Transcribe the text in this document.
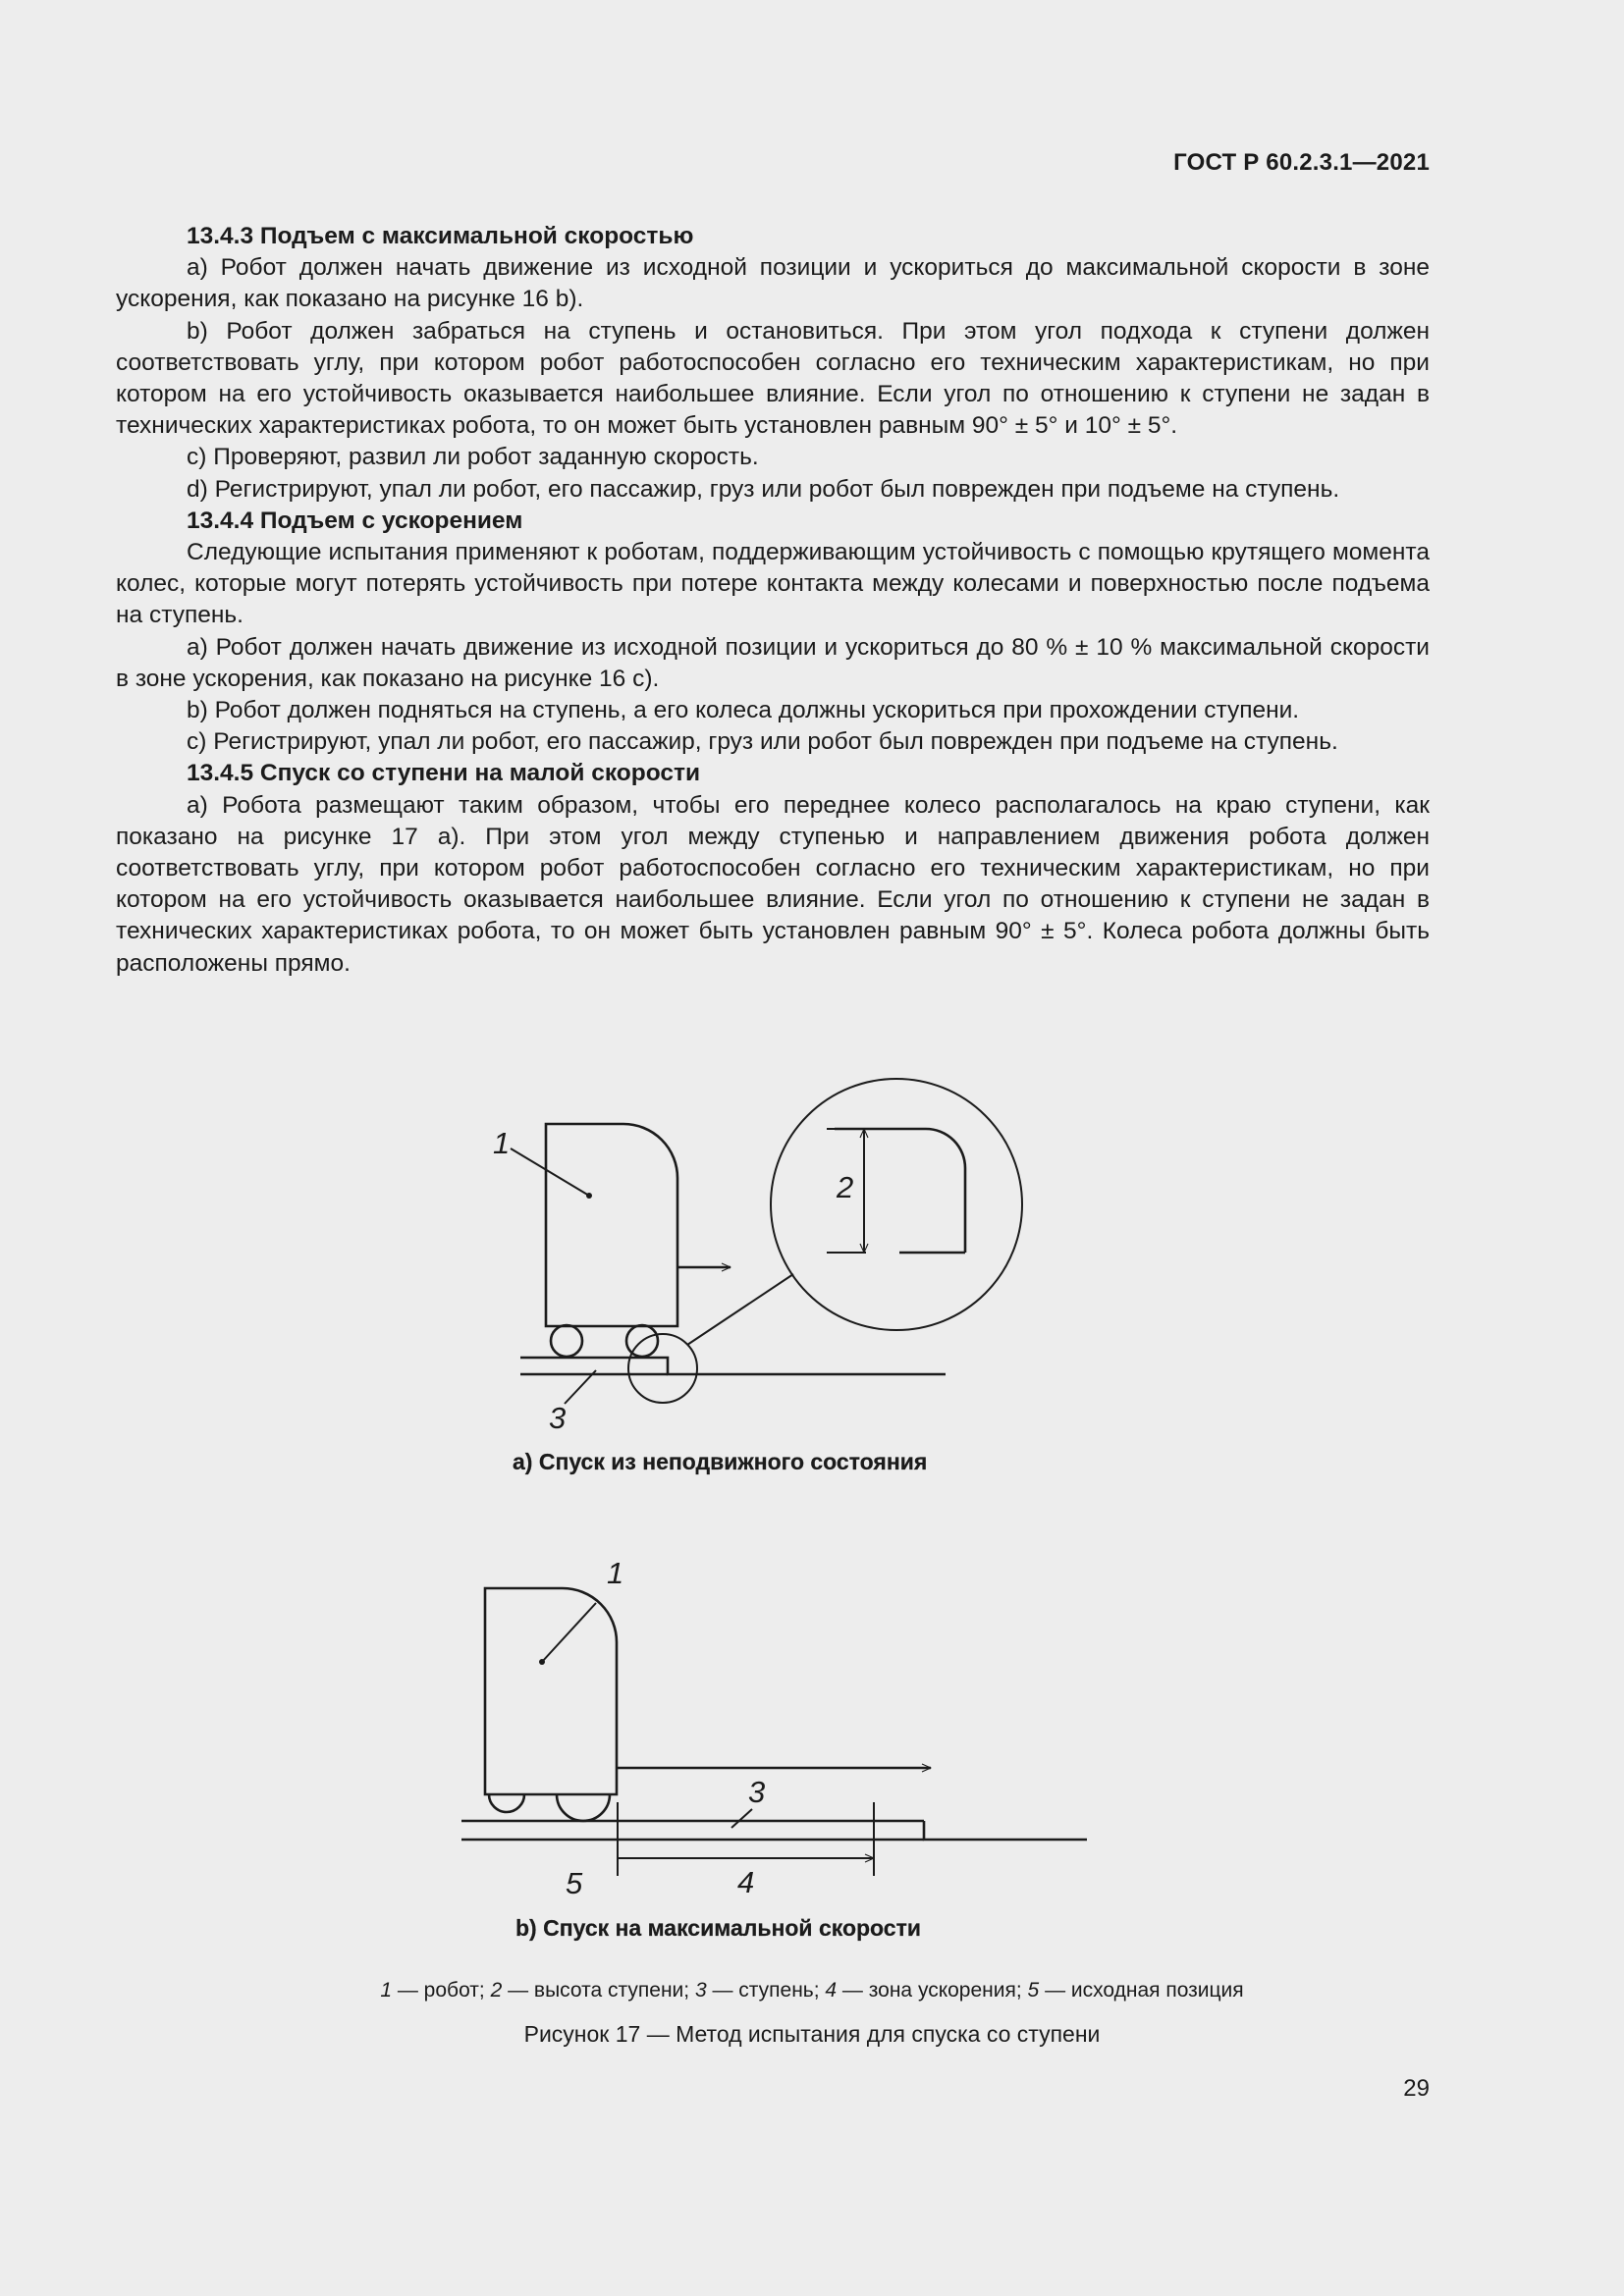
ГОСТ Р 60.2.3.1—2021

13.4.3 Подъем с максимальной скоростью

a) Робот должен начать движение из исходной позиции и ускориться до максимальной скорости в зоне ускорения, как показано на рисунке 16 b).

b) Робот должен забраться на ступень и остановиться. При этом угол подхода к ступени должен соответствовать углу, при котором робот работоспособен согласно его техническим характеристикам, но при котором на его устойчивость оказывается наибольшее влияние. Если угол по отношению к ступени не задан в технических характеристиках робота, то он может быть установлен равным 90° ± 5° и 10° ± 5°.

c) Проверяют, развил ли робот заданную скорость.

d) Регистрируют, упал ли робот, его пассажир, груз или робот был поврежден при подъеме на ступень.

13.4.4 Подъем с ускорением

Следующие испытания применяют к роботам, поддерживающим устойчивость с помощью крутящего момента колес, которые могут потерять устойчивость при потере контакта между колесами и поверхностью после подъема на ступень.

a) Робот должен начать движение из исходной позиции и ускориться до 80 % ± 10 % максимальной скорости в зоне ускорения, как показано на рисунке 16 c).

b) Робот должен подняться на ступень, а его колеса должны ускориться при прохождении ступени.

c) Регистрируют, упал ли робот, его пассажир, груз или робот был поврежден при подъеме на ступень.

13.4.5 Спуск со ступени на малой скорости

a) Робота размещают таким образом, чтобы его переднее колесо располагалось на краю ступени, как показано на рисунке 17 а). При этом угол между ступенью и направлением движения робота должен соответствовать углу, при котором робот работоспособен согласно его техническим характеристикам, но при котором на его устойчивость оказывается наибольшее влияние. Если угол по отношению к ступени не задан в технических характеристиках робота, то он может быть установлен равным 90° ± 5°. Колеса робота должны быть расположены прямо.

1
2
3
1
3
4
5
а) Спуск из неподвижного состояния
b) Спуск на максимальной скорости
1 — робот; 2 — высота ступени; 3 — ступень; 4 — зона ускорения; 5 — исходная позиция
Рисунок 17 — Метод испытания для спуска со ступени
29
